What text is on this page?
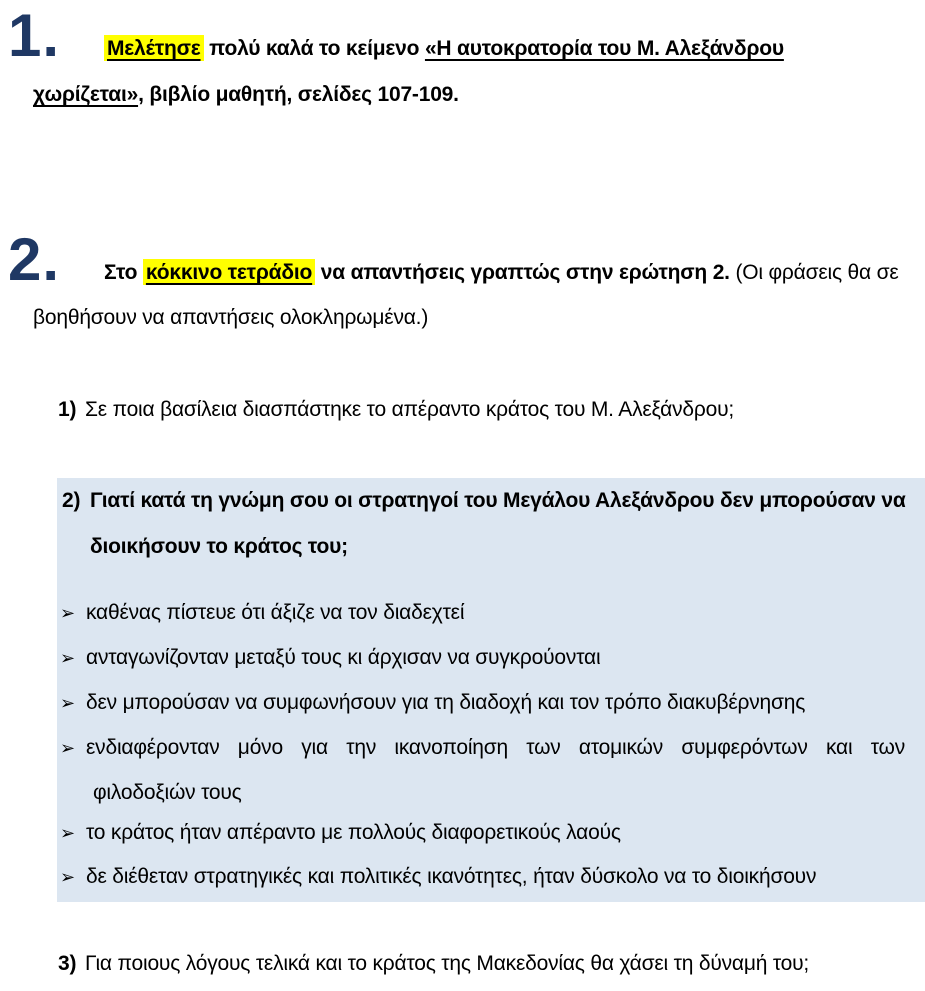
1. Μελέτησε πολύ καλά το κείμενο «Η αυτοκρατορία του Μ. Αλεξάνδρου
χωρίζεται», βιβλίο μαθητή, σελίδες 107-109.
2. Στο κόκκινο τετράδιο να απαντήσεις γραπτώς στην ερώτηση 2. (Οι φράσεις θα σε
βοηθήσουν να απαντήσεις ολοκληρωμένα.)
1) Σε ποια βασίλεια διασπάστηκε το απέραντο κράτος του Μ. Αλεξάνδρου;
2) Γιατί κατά τη γνώμη σου οι στρατηγοί του Μεγάλου Αλεξάνδρου δεν μπορούσαν να
διοικήσουν το κράτος του;
➢ καθένας πίστευε ότι άξιζε να τον διαδεχτεί
➢ ανταγωνίζονταν μεταξύ τους κι άρχισαν να συγκρούονται
➢ δεν μπορούσαν να συμφωνήσουν για τη διαδοχή και τον τρόπο διακυβέρνησης
➢ ενδιαφέρονταν μόνο για την ικανοποίηση των ατομικών συμφερόντων και των
φιλοδοξιών τους
➢ το κράτος ήταν απέραντο με πολλούς διαφορετικούς λαούς
➢ δε διέθεταν στρατηγικές και πολιτικές ικανότητες, ήταν δύσκολο να το διοικήσουν
3) Για ποιους λόγους τελικά και το κράτος της Μακεδονίας θα χάσει τη δύναμή του;
